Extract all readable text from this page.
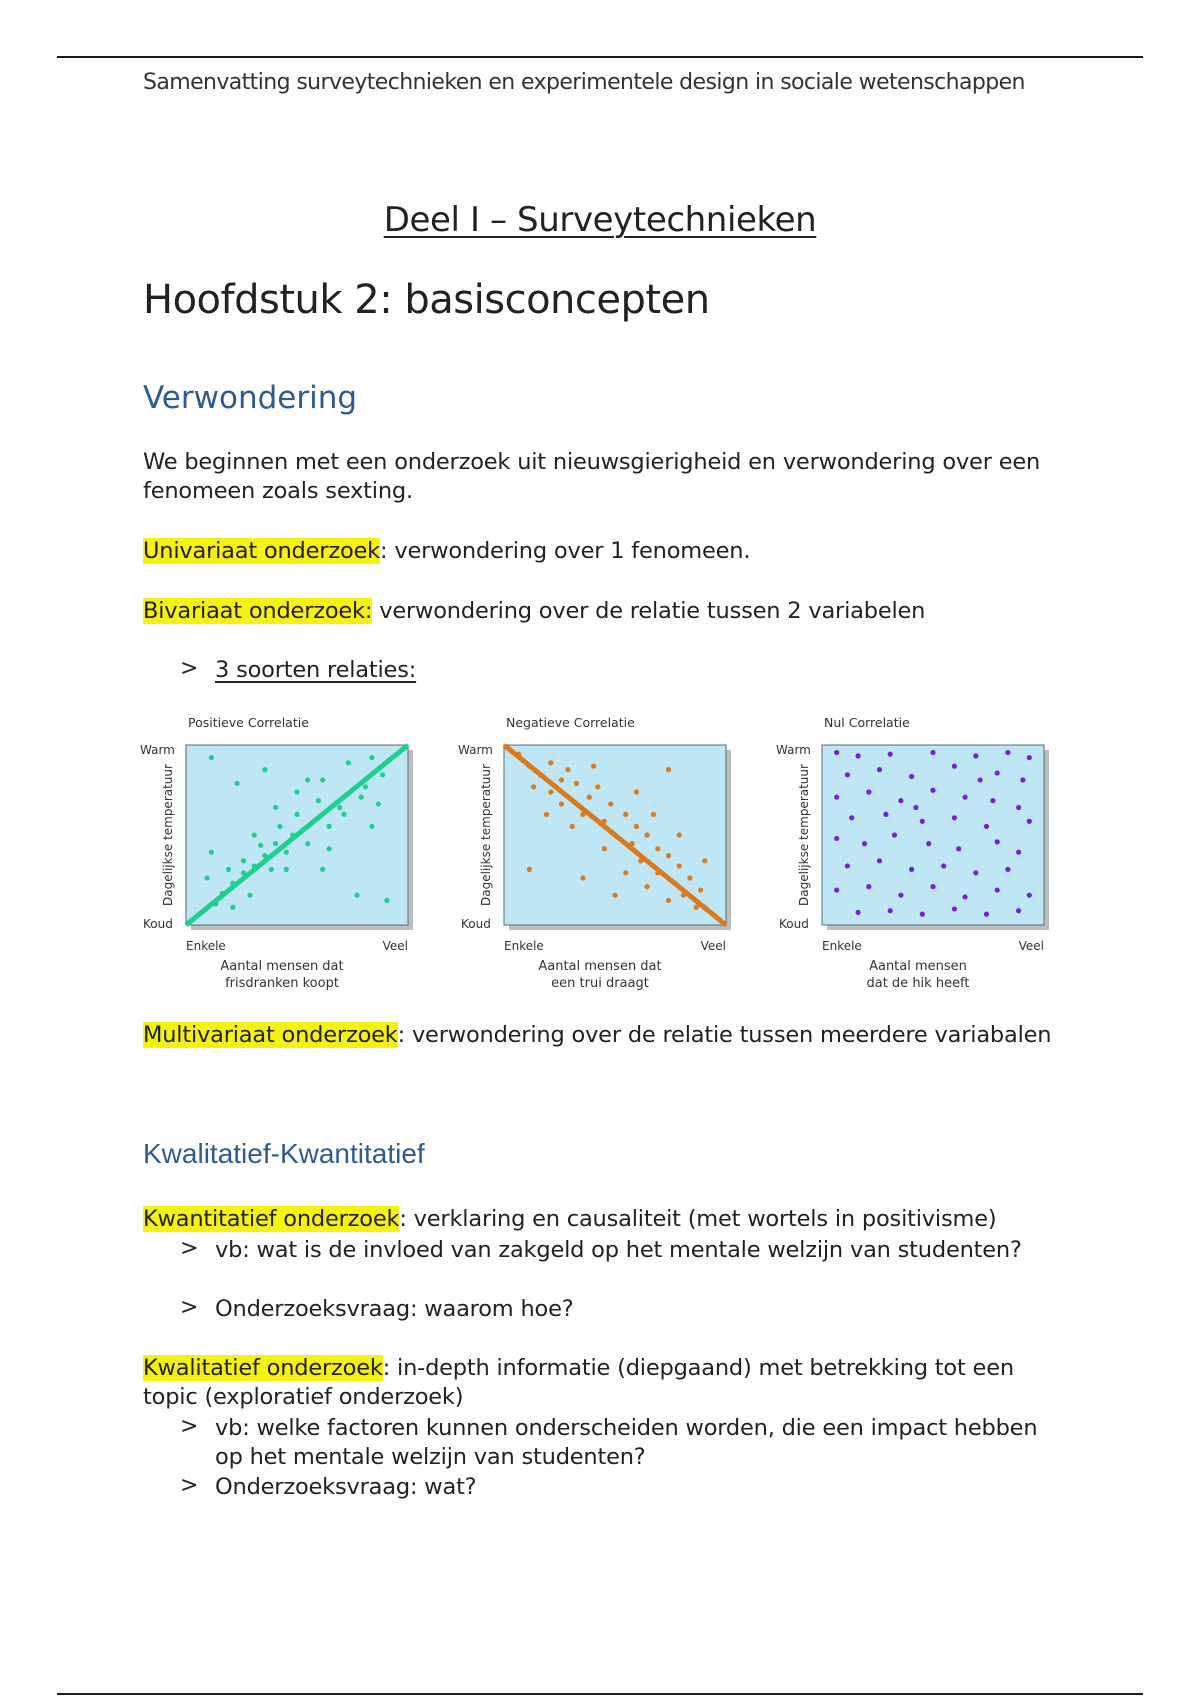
Samenvatting surveytechnieken en experimentele design in sociale wetenschappen
Deel I – Surveytechnieken
Hoofdstuk 2: basisconcepten
Verwondering
We beginnen met een onderzoek uit nieuwsgierigheid en verwondering over een fenomeen zoals sexting.
Univariaat onderzoek: verwondering over 1 fenomeen.
Bivariaat onderzoek: verwondering over de relatie tussen 2 variabelen
> 3 soorten relaties:
Positieve Correlatie
Warm
Koud
Dagelijkse temperatuur
Enkele	Veel
Aantal mensen dat
frisdranken koopt
Negatieve Correlatie
Warm
Koud
Dagelijkse temperatuur
Enkele	Veel
Aantal mensen dat
een trui draagt
Nul Correlatie
Warm
Koud
Dagelijkse temperatuur
Enkele	Veel
Aantal mensen
dat de hik heeft
Multivariaat onderzoek: verwondering over de relatie tussen meerdere variabalen
Kwalitatief-Kwantitatief
Kwantitatief onderzoek: verklaring en causaliteit (met wortels in positivisme)
> vb: wat is de invloed van zakgeld op het mentale welzijn van studenten?
> Onderzoeksvraag: waarom hoe?
Kwalitatief onderzoek: in-depth informatie (diepgaand) met betrekking tot een topic (exploratief onderzoek)
> vb: welke factoren kunnen onderscheiden worden, die een impact hebben op het mentale welzijn van studenten?
> Onderzoeksvraag: wat?
